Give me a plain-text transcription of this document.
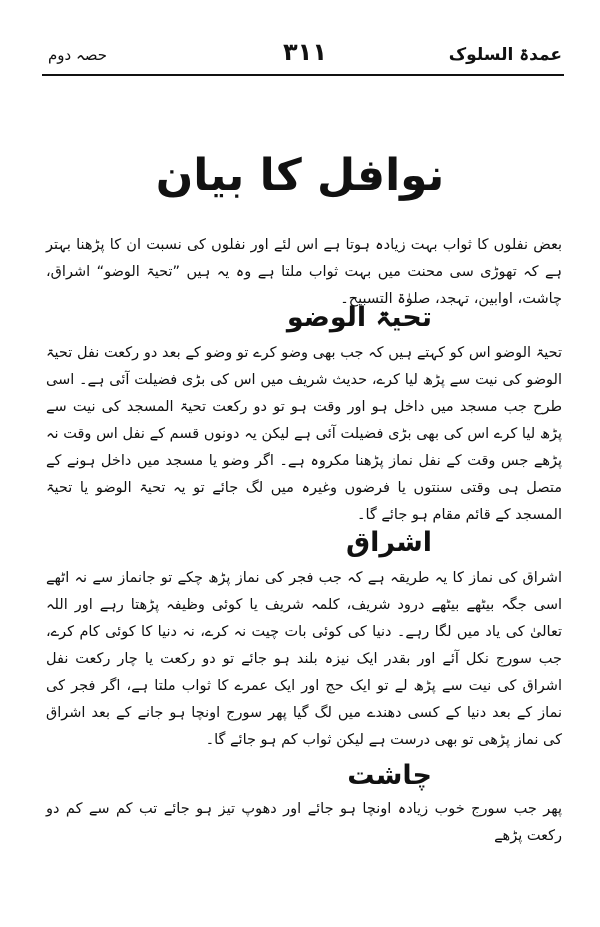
حصہ دوم	۳۱۱	عمدۃ السلوک
نوافل کا بیان

بعض نفلوں کا ثواب بہت زیادہ ہوتا ہے اس لئے اور نفلوں کی نسبت ان کا پڑھنا بہتر ہے کہ تھوڑی سی محنت میں بہت ثواب ملتا ہے وہ یہ ہیں ”تحیۃ الوضو“ اشراق، چاشت، اوابین، تہجد، صلوٰۃ التسبیح۔

تحیۃ الوضو

تحیۃ الوضو اس کو کہتے ہیں کہ جب بھی وضو کرے تو وضو کے بعد دو رکعت نفل تحیۃ الوضو کی نیت سے پڑھ لیا کرے، حدیث شریف میں اس کی بڑی فضیلت آئی ہے۔ اسی طرح جب مسجد میں داخل ہو اور وقت ہو تو دو رکعت تحیۃ المسجد کی نیت سے پڑھ لیا کرے اس کی بھی بڑی فضیلت آئی ہے لیکن یہ دونوں قسم کے نفل اس وقت نہ پڑھے جس وقت کے نفل نماز پڑھنا مکروہ ہے۔ اگر وضو یا مسجد میں داخل ہونے کے متصل ہی وقتی سنتوں یا فرضوں وغیرہ میں لگ جائے تو یہ تحیۃ الوضو یا تحیۃ المسجد کے قائم مقام ہو جائے گا۔

اشراق

اشراق کی نماز کا یہ طریقہ ہے کہ جب فجر کی نماز پڑھ چکے تو جانماز سے نہ اٹھے اسی جگہ بیٹھے بیٹھے درود شریف، کلمہ شریف یا کوئی وظیفہ پڑھتا رہے اور اللہ تعالیٰ کی یاد میں لگا رہے۔ دنیا کی کوئی بات چیت نہ کرے، نہ دنیا کا کوئی کام کرے، جب سورج نکل آئے اور بقدر ایک نیزہ بلند ہو جائے تو دو رکعت یا چار رکعت نفل اشراق کی نیت سے پڑھ لے تو ایک حج اور ایک عمرے کا ثواب ملتا ہے، اگر فجر کی نماز کے بعد دنیا کے کسی دھندے میں لگ گیا پھر سورج اونچا ہو جانے کے بعد اشراق کی نماز پڑھی تو بھی درست ہے لیکن ثواب کم ہو جائے گا۔

چاشت

پھر جب سورج خوب زیادہ اونچا ہو جائے اور دھوپ تیز ہو جائے تب کم سے کم دو رکعت پڑھے
